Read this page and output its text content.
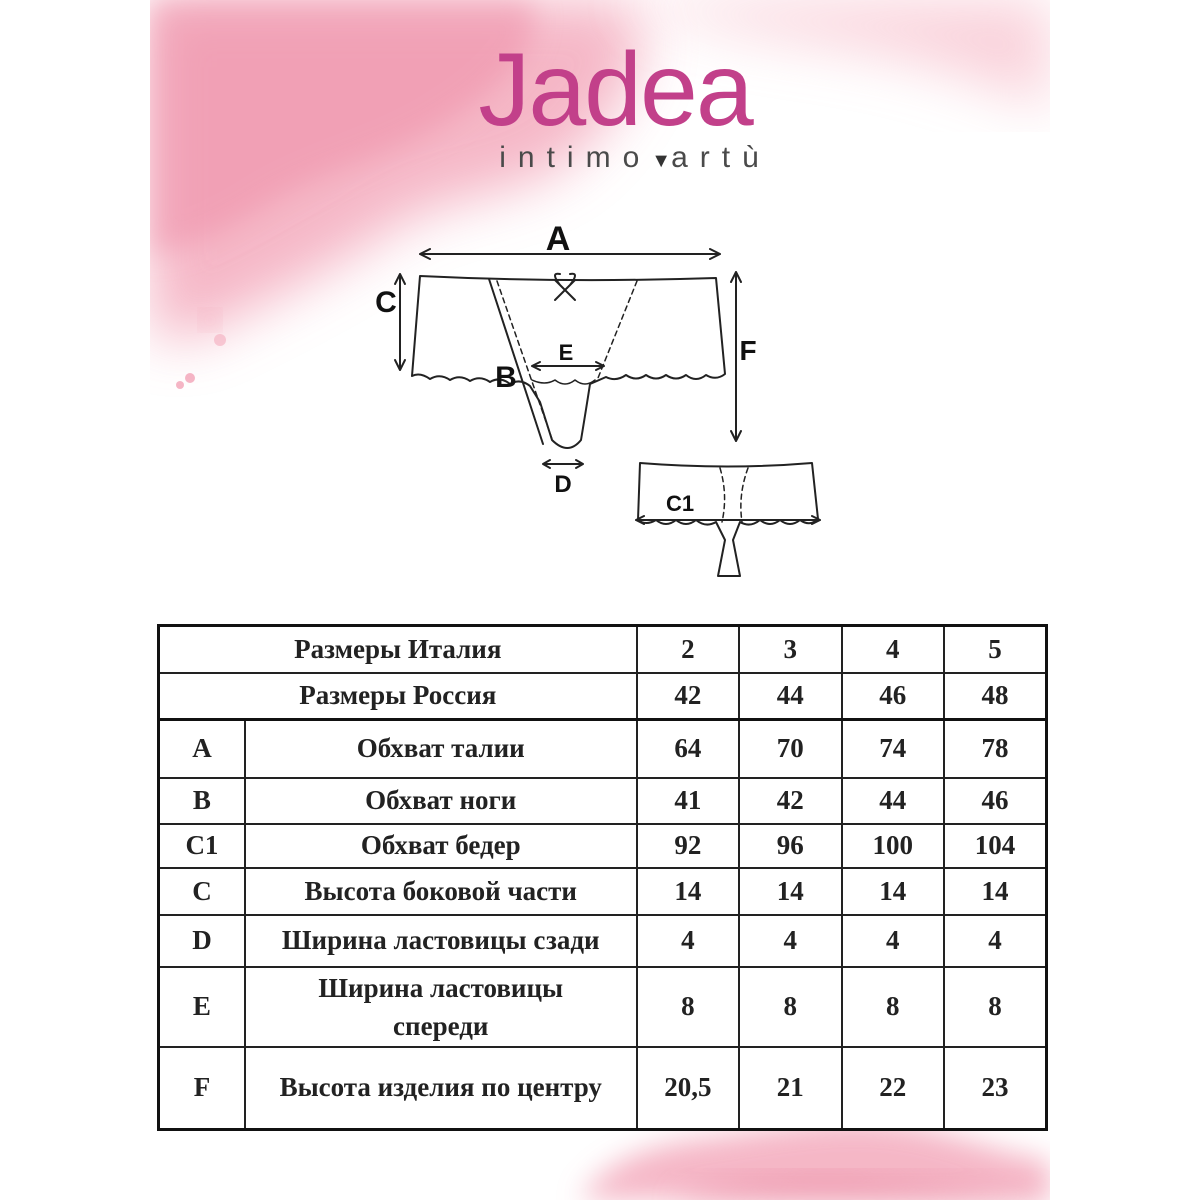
Jadea
intimo▼artù
A
C
F
E
B
D
C1
Размеры Италия		2	3	4	5
Размеры Россия		42	44	46	48
A	Обхват талии	64	70	74	78
B	Обхват ноги	41	42	44	46
C1	Обхват бедер	92	96	100	104
C	Высота боковой части	14	14	14	14
D	Ширина ластовицы сзади	4	4	4	4
E	Ширина ластовицы спереди	8	8	8	8
F	Высота изделия по центру	20,5	21	22	23
